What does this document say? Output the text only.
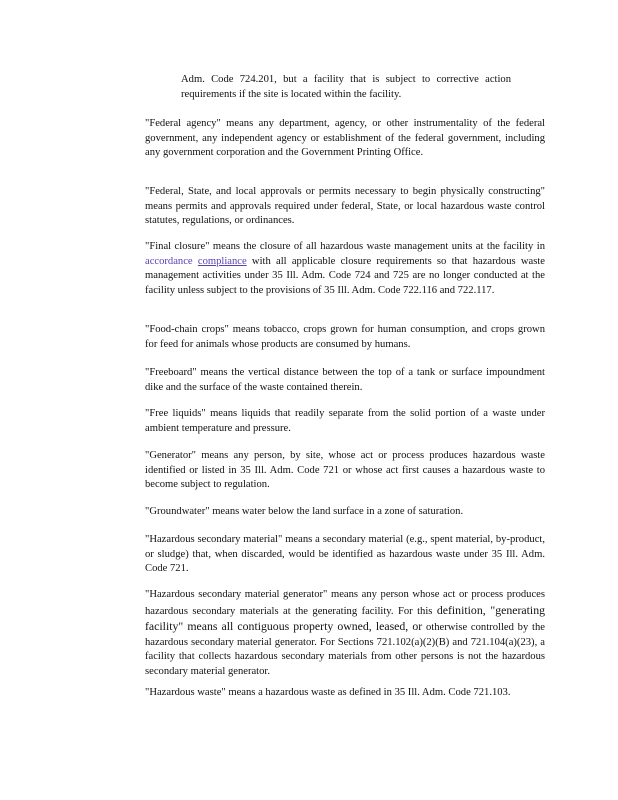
Adm. Code 724.201, but a facility that is subject to corrective action requirements if the site is located within the facility.

"Federal agency" means any department, agency, or other instrumentality of the federal government, any independent agency or establishment of the federal government, including any government corporation and the Government Printing Office.

"Federal, State, and local approvals or permits necessary to begin physically constructing" means permits and approvals required under federal, State, or local hazardous waste control statutes, regulations, or ordinances.

"Final closure" means the closure of all hazardous waste management units at the facility in accordance compliance with all applicable closure requirements so that hazardous waste management activities under 35 Ill. Adm. Code 724 and 725 are no longer conducted at the facility unless subject to the provisions of 35 Ill. Adm. Code 722.116 and 722.117.

"Food-chain crops" means tobacco, crops grown for human consumption, and crops grown for feed for animals whose products are consumed by humans.

"Freeboard" means the vertical distance between the top of a tank or surface impoundment dike and the surface of the waste contained therein.

"Free liquids" means liquids that readily separate from the solid portion of a waste under ambient temperature and pressure.

"Generator" means any person, by site, whose act or process produces hazardous waste identified or listed in 35 Ill. Adm. Code 721 or whose act first causes a hazardous waste to become subject to regulation.

"Groundwater" means water below the land surface in a zone of saturation.

"Hazardous secondary material" means a secondary material (e.g., spent material, by-product, or sludge) that, when discarded, would be identified as hazardous waste under 35 Ill. Adm. Code 721.

"Hazardous secondary material generator" means any person whose act or process produces hazardous secondary materials at the generating facility. For this definition, "generating facility" means all contiguous property owned, leased, or otherwise controlled by the hazardous secondary material generator. For Sections 721.102(a)(2)(B) and 721.104(a)(23), a facility that collects hazardous secondary materials from other persons is not the hazardous secondary material generator.

"Hazardous waste" means a hazardous waste as defined in 35 Ill. Adm. Code 721.103.
